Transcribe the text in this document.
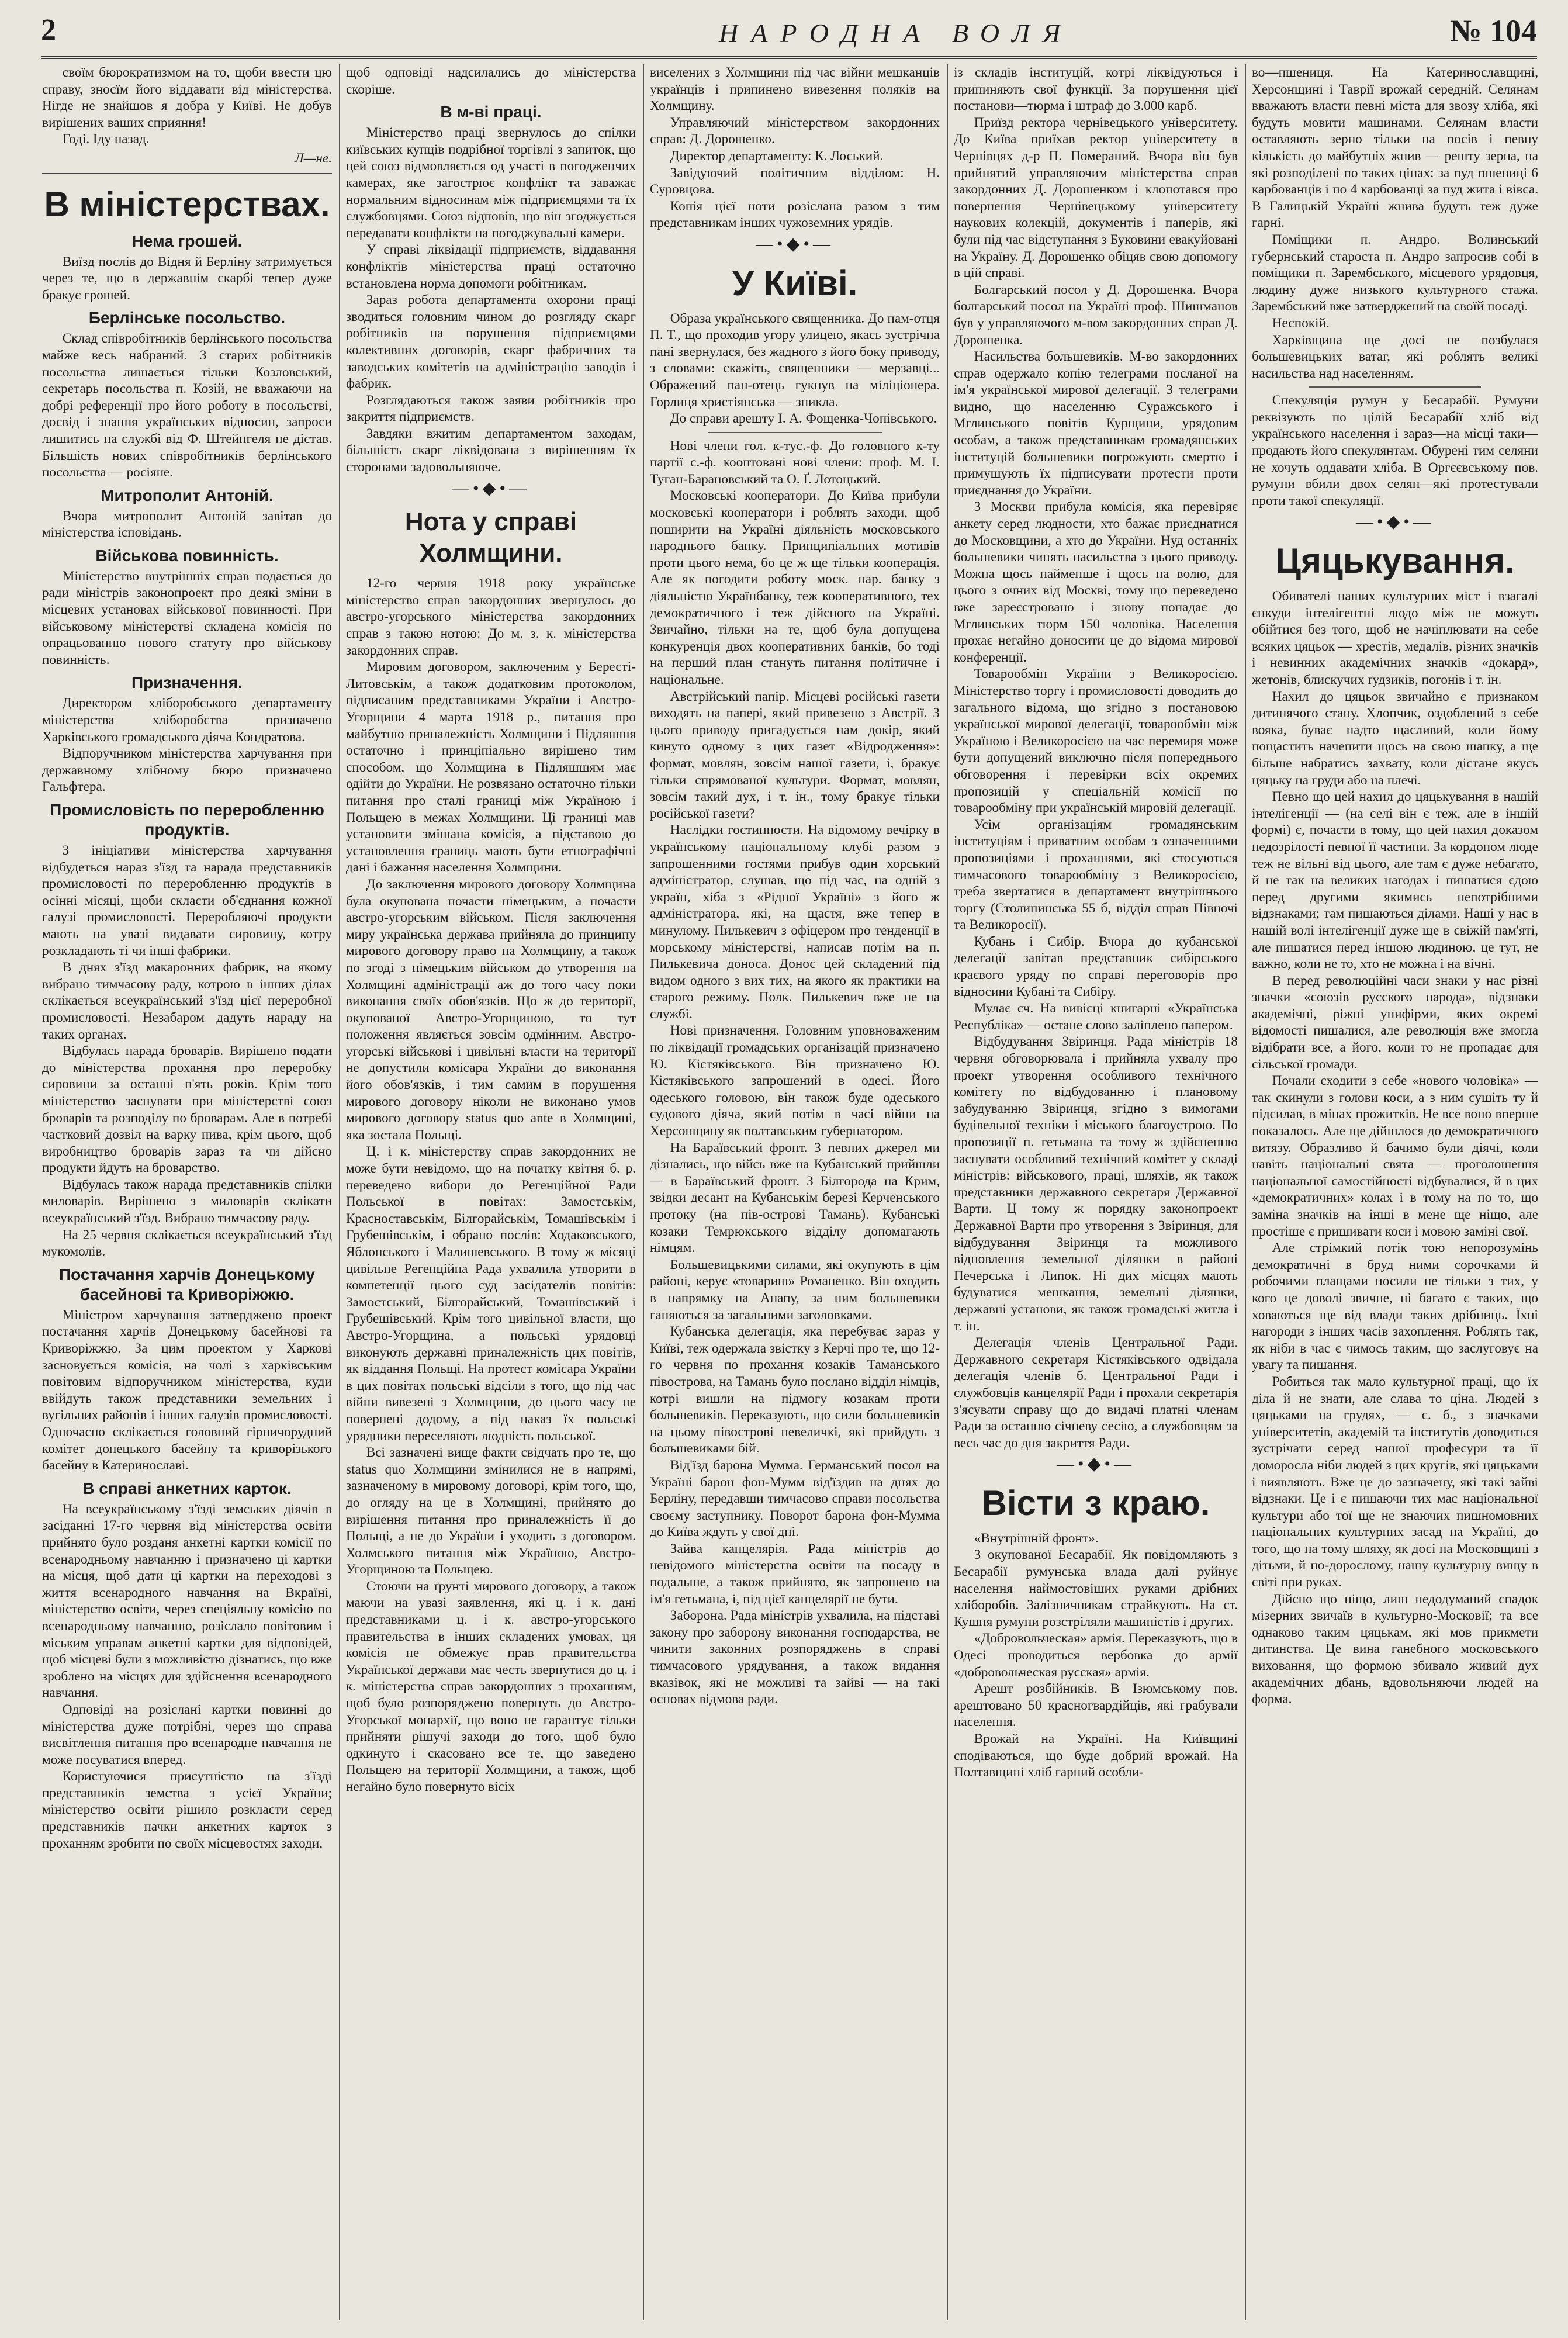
2	НАРОДНА ВОЛЯ	№ 104

своїм бюрократизмом на то, щоби ввести цю справу, зносїм його віддавати від міністерства. Нігде не знайшов я добра у Київі. Не добув вирішених ваших сприяння!

Годі. Іду назад.

Л—не.
В міністерствах.
Нема грошей.

Виїзд послів до Відня й Берліну затримується через те, що в державнім скарбі тепер дуже бракує грошей.

Берлінське посольство.

Склад співробітників берлінського посольства майже весь набраний. З старих робітників посольства лишається тільки Козловський, секретарь посольства п. Козій, не вважаючи на добрі референції про його роботу в посольстві, досвід і знання українських відносин, запроси лишитись на службі від Ф. Штейнгеля не дістав. Більшість нових співробітників берлінського посольства — росіяне.

Митрополит Антоній.

Вчора митрополит Антоній завітав до міністерства ісповідань.

Військова повинність.

Міністерство внутрішніх справ подається до ради міністрів законопроект про деякі зміни в місцевих установах військової повинності. При військовому міністерстві складена комісія по опрацьованню нового статуту про військову повинність.

Призначення.

Директором хліборобського департаменту міністерства хліборобства призначено Харківського громадського діяча Кондратова.

Відпоручником міністерства харчування при державному хлібному бюро призначено Гальфтера.

Промисловість по переробленню продуктів.

З ініціативи міністерства харчування відбудеться нараз з'їзд та нарада представників промисловості по переробленню продуктів в осінні місяці, щоби скласти об'єднання кожної галузі промисловості. Переробляючі продукти мають на увазі видавати сировину, котру розкладають ті чи інші фабрики.

В днях з'їзд макаронних фабрик, на якому вибрано тимчасову раду, котрою в інших ділах склікається всеукраїнський з'їзд цієї переробної промисловості. Незабаром дадуть нараду на таких органах.

Відбулась нарада броварів. Вирішено подати до міністерства прохання про переробку сировини за останні п'ять років. Крім того міністерство заснувати при міністерстві союз броварів та розподілу по броварам. Але в потребі частковий дозвіл на варку пива, крім цього, щоб виробництво броварів зараз та чи дійсно продукти йдуть на броварство.

Відбулась також нарада представників спілки миловарів. Вирішено з миловарів склікати всеукраїнський з'їзд. Вибрано тимчасову раду.

На 25 червня склікається всеукраїнський з'їзд мукомолів.

Постачання харчів Донецькому басейнові та Криворіжжю.

Міністром харчування затверджено проект постачання харчів Донецькому басейнові та Криворіжжю. За цим проектом у Харкові засновується комісія, на чолі з харківським повітовим відпоручником міністерства, куди ввійдуть також представники земельних і вугільних районів і інших галузів промисловості. Одночасно склікається головний гірничорудний комітет донецького басейну та криворізького басейну в Катеринославі.

В справі анкетних карток.

На всеукраїнському з'їзді земських діячів в засіданні 17-го червня від міністерства освіти прийнято було розданя анкетні картки комісії по всенародньому навчанню і призначено ці картки на місця, щоб дати ці картки на переходові з життя всенародного навчання на Вкраїні, міністерство освіти, через спеціяльну комісію по всенародньому навчанню, розіслало повітовим і міським управам анкетні картки для відповідей, щоб місцеві були з можливістю дізнатись, що вже зроблено на місцях для здійснення всенародного навчання.

Одповіді на розіслані картки повинні до міністерства дуже потрібні, через що справа висвітлення питання про всенародне навчання не може посуватися вперед.

Користуючися присутністю на з'їзді представників земства з усієї України; міністерство освіти рішило розкласти серед представників пачки анкетних карток з проханням зробити по своїх місцевостях заходи,

щоб одповіді надсилались до міністерства скоріше.

В м-ві праці.

Міністерство праці звернулось до спілки київських купців подрібної торгівлі з запиток, що цей союз відмовляється од участі в погодженчих камерах, яке загострює конфлікт та заважає нормальним відносинам між підприємцями та їх службовцями. Союз відповів, що він згоджується передавати конфлікти на погоджувальні камери.

У справі ліквідації підприємств, віддавання конфліктів міністерства праці остаточно встановлена норма допомоги робітникам.

Зараз робота департамента охорони праці зводиться головним чином до розгляду скарг робітників на порушення підприємцями колективних договорів, скарг фабричних та заводських комітетів на адміністрацію заводів і фабрик.

Розглядаються також заяви робітників про закриття підприємств.

Завдяки вжитим департаментом заходам, більшість скарг ліквідована з вирішенням їх сторонами задовольняюче.

—•◆•—
Нота у справі Холмщини.

12-го червня 1918 року українське міністерство справ закордонних звернулось до австро-угорського міністерства закордонних справ з такою нотою: До м. з. к. міністерства закордонних справ.

Мировим договором, заключеним у Бересті-Литовськім, а також додатковим протоколом, підписаним представниками України і Австро-Угорщини 4 марта 1918 р., питання про майбутню приналежність Холмщини і Підляшшя остаточно і принціпіально вирішено тим способом, що Холмщина в Підляшшям має одійти до України. Не розвязано остаточно тільки питання про сталі границі між Україною і Польщею в межах Холмщини. Ці границі мав установити змішана комісія, а підставою до установлення границь мають бути етнографічні дані і бажання населення Холмщини.

До заключення мирового договору Холмщина була окупована почасти німецьким, а почасти австро-угорським військом. Після заключення миру українська держава прийняла до принципу мирового договору право на Холмщину, а також по згоді з німецьким військом до утворення на Холмщині адміністрації аж до того часу поки виконання своїх обов'язків. Що ж до території, окупованої Австро-Угорщиною, то тут положення являється зовсім одмінним. Австро-угорські військові і цивільні власти на території не допустили комісара України до виконання його обов'язків, і тим самим в порушення мирового договору ніколи не виконано умов мирового договору status quo ante в Холмщині, яка зостала Польщі.

Ц. і к. міністерству справ закордонних не може бути невідомо, що на початку квітня б. р. переведено вибори до Регенційної Ради Польської в повітах: Замостськім, Красноставськім, Білгорайськім, Томашівськім і Грубешівськім, і обрано послів: Ходаковського, Яблонського і Малишевського. В тому ж місяці цивільне Регенційна Рада ухвалила утворити в компетенції цього суд засідателів повітів: Замостський, Білгорайський, Томашівський і Грубешівський. Крім того цивільної власти, що Австро-Угорщина, а польські урядовці виконують державні приналежність цих повітів, як віддання Польщі. На протест комісара України в цих повітах польські відсіли з того, що під час війни вивезені з Холмщини, до цього часу не повернені додому, а під наказ їх польські урядники переселяють людність польської.

Всі зазначені вище факти свідчать про те, що status quo Холмщини змінилися не в напрямі, зазначеному в мировому договорі, крім того, що, до огляду на це в Холмщині, прийнято до вирішення питання про приналежність її до Польщі, а не до України і уходить з договором. Холмського питання між Україною, Австро-Угорщиною та Польщею.

Стоючи на ґрунті мирового договору, а також маючи на увазі заявлення, які ц. і к. дані представниками ц. і к. австро-угорського правительства в інших складених умовах, ця комісія не обмежує прав правительства Української держави має честь звернутися до ц. і к. міністерства справ закордонних з проханням, щоб було розпоряджено повернуть до Австро-Угорської монархії, що воно не гарантує тільки прийняти рішучі заходи до того, щоб було одкинуто і скасовано все те, що заведено Польщею на території Холмщини, а також, щоб негайно було повернуто вісіх

виселених з Холмщини під час війни мешканців українців і припинено вивезення поляків на Холмщину.

Управляючий міністерством закордонних справ: Д. Дорошенко.

Директор департаменту: К. Лоський.

Завідуючий політичним відділом: Н. Суровцова.

Копія цієї ноти розіслана разом з тим представникам інших чужоземних урядів.

—•◆•—
У Київі.

Образа українського священника. До пам-отця П. Т., що проходив угору улицею, якась зустрічна пані звернулася, без жадного з його боку приводу, з словами: скажіть, священники — мерзавці... Ображений пан-отець гукнув на міліціонера. Горлиця христіянська — зникла.

До справи арешту І. А. Фощенка-Чопівського.

Нові члени гол. к-тус.-ф. До головного к-ту партії с.-ф. кооптовані нові члени: проф. М. І. Туган-Барановський та О. Ґ. Лотоцький.

Московські кооператори. До Київа прибули московські кооператори і роблять заходи, щоб поширити на Україні діяльність московського народнього банку. Принципіальних мотивів проти цього нема, бо це ж ще тільки кооперація. Але як погодити роботу моск. нар. банку з діяльністю Українбанку, теж кооперативного, тех демократичного і теж дійсного на Україні. Звичайно, тільки на те, щоб була допущена конкуренція двох кооперативних банків, бо тоді на перший план стануть питання політичне і національне.

Австрійський папір. Місцеві російські газети виходять на папері, який привезено з Австрії. З цього приводу пригадується нам докір, який кинуто одному з цих газет «Відродження»: формат, мовлян, зовсім нашої газети, і, бракує тільки спрямованої культури. Формат, мовлян, зовсім такий дух, і т. ін., тому бракує тільки російської газети?

Наслідки гостинности. На відомому вечірку в українському національному клубі разом з запрошенними гостями прибув один хорський адміністратор, слушав, що під час, на одній з україн, хіба з «Рідної Україні» з його ж адміністратора, які, на щастя, вже тепер в минулому. Пилькевич з офіцером про тенденції в морському міністерстві, написав потім на п. Пилькевича доноса. Донос цей складений під видом одного з вих тих, на якого як практики на старого режиму. Полк. Пилькевич вже не на службі.

Нові призначення. Головним уповноваженим по ліквідації громадських організацій призначено Ю. Кістяківського. Він призначено Ю. Кістяківського запрошений в одесі. Його одеського головою, він також буде одеського судового діяча, який потім в часі війни на Херсонщину як полтавським губернатором.

На Бараївський фронт. З певних джерел ми дізнались, що війсь вже на Кубанський прийшли — в Бараївський фронт. З Білгорода на Крим, звідки десант на Кубанськім березі Керченського протоку (на пів-острові Тамань). Кубанські козаки Темрюкського відділу допомагають німцям.

Большевицькими силами, які окупують в цім районі, керує «товариш» Романенко. Він оходить в напрямку на Анапу, за ним большевики ганяються за загальними заголовками.

Кубанська делегація, яка перебуває зараз у Київі, теж одержала звістку з Керчі про те, що 12-го червня по прохання козаків Таманського півострова, на Тамань було послано відділ німців, котрі вишли на підмогу козакам проти большевиків. Переказують, що сили большевиків на цьому півострові невеличкі, які прийдуть з большевиками бій.

Від'їзд барона Мумма. Германський посол на Україні барон фон-Мумм від'їздив на днях до Берліну, передавши тимчасово справи посольства своєму заступнику. Поворот барона фон-Мумма до Київа ждуть у свої дні.

Зайва канцелярія. Рада міністрів до невідомого міністерства освіти на посаду в подальше, а також прийнято, як запрошено на ім'я гетьмана, і, під цієї канцелярії не бути.

Заборона. Рада міністрів ухвалила, на підставі закону про заборону виконання господарства, не чинити законних розпоряджень в справі тимчасового урядування, а також видання вказівок, які не можливі та зайві — на такі основах відмова ради.

із складів інституцій, котрі ліквідуються і припиняють свої функції. За порушення цієї постанови—тюрма і штраф до 3.000 карб.

Приїзд ректора чернівецького університету. До Київа приїхав ректор університету в Чернівцях д-р П. Помераний. Вчора він був прийнятий управляючим міністерства справ закордонних Д. Дорошенком і клопотався про повернення Чернівецькому університету наукових колекцій, документів і паперів, які були під час відступання з Буковини евакуйовані на Україну. Д. Дорошенко обіцяв свою допомогу в цій справі.

Болгарський посол у Д. Дорошенка. Вчора болгарський посол на Україні проф. Шишманов був у управляючого м-вом закордонних справ Д. Дорошенка.

Насильства большевиків. М-во закордонних справ одержало копію телеграми посланої на ім'я української мирової делегації. З телеграми видно, що населенню Суражського і Мглинського повітів Курщини, урядовим особам, а також представникам громадянських інституцій большевики погрожують смертю і примушують їх підписувати протести проти приєднання до України.

З Москви прибула комісія, яка перевіряє анкету серед людности, хто бажає приєднатися до Московщини, а хто до України. Нуд останніх большевики чинять насильства з цього приводу. Можна щось найменше і щось на волю, для цього з очних від Москві, тому що переведено вже зареєстровано і знову попадає до Мглинських тюрм 150 чоловіка. Населення прохає негайно доносити це до відома мирової конференції.

Товарообмін України з Великоросією. Міністерство торгу і промисловості доводить до загального відома, що згідно з постановою української мирової делегації, товарообмін між Україною і Великоросією на час перемиря може бути допущений виключно після попереднього обговорення і перевірки всіх окремих пропозицій у спеціальній комісії по товарообміну при українській мировій делегації.

Усім організаціям громадянським інституціям і приватним особам з означенними пропозиціями і проханнями, які стосуються тимчасового товарообміну з Великоросією, треба звертатися в департамент внутрішнього торгу (Столипинська 55 б, відділ справ Півночі та Великоросії).

Кубань і Сибір. Вчора до кубанської делегації завітав представник сибірського краєвого уряду по справі переговорів про відносини Кубані та Сибіру.

Мулає сч. На вивісці книгарні «Українська Республіка» — остане слово заліплено папером.

Відбудування Звіринця. Рада міністрів 18 червня обговорювала і прийняла ухвалу про проект утворення особливого технічного комітету по відбудованню і плановому забудуванню Звіринця, згідно з вимогами будівельної техніки і міського благоустрою. По пропозиції п. гетьмана та тому ж здійсненню заснувати особливий технічний комітет у складі міністрів: військового, праці, шляхів, як також представники державного секретаря Державної Варти. Ц тому ж порядку законопроект Державної Варти про утворення з Звіринця, для відбудування Звіринця та можливого відновлення земельної ділянки в районі Печерська і Липок. Ні дих місцях мають будуватися мешкання, земельні ділянки, державні установи, як також громадські житла і т. ін.

Делегація членів Центральної Ради. Державного секретаря Кістяківського одвідала делегація членів б. Центральної Ради і службовців канцелярії Ради і прохали секретарія з'ясувати справу що до видачі платні членам Ради за останню січневу сесію, а службовцям за весь час до дня закриття Ради.

—•◆•—
Вісти з краю.

«Внутрішній фронт».

З окупованої Бесарабії. Як повідомляють з Бесарабії румунська влада далі руйнує населення наймостовіших руками дрібних хліборобів. Залізничникам страйкують. На ст. Кушня румуни розстріляли машиністів і других.

«Добровольческая» армія. Переказують, що в Одесі проводиться вербовка до армії «добровольческая русская» армія.

Арешт розбійників. В Ізюмському пов. арештовано 50 красногвардійців, які грабували населення.

Врожай на Україні. На Київщині сподіваються, що буде добрий врожай. На Полтавщині хліб гарний особли-

во—пшениця. На Катеринославщині, Херсонщині і Таврії врожай середній. Селянам вважають власти певні міста для звозу хліба, які будуть мовити машинами. Селянам власти оставляють зерно тільки на посів і певну кількість до майбутніх жнив — решту зерна, на які розподілені по таких цінах: за пуд пшениці 6 карбованців і по 4 карбованці за пуд жита і вівса. В Галицькій Україні жнива будуть теж дуже гарні.

Поміщики п. Андро. Волинський губернський староста п. Андро запросив собі в поміщики п. Зарембського, місцевого урядовця, людину дуже низького культурного стажа. Зарембський вже затверджений на своїй посаді.

Неспокій.

Харківщина ще досі не позбулася большевицьких ватаг, які роблять великі насильства над населенням.

Спекуляція румун у Бесарабії. Румуни реквізують по цілій Бесарабії хліб від українського населення і зараз—на місці таки—продають його спекулянтам. Обурені тим селяни не хочуть оддавати хліба. В Оргєєвському пов. румуни вбили двох селян—які протестували проти такої спекуляції.

—•◆•—
Цяцькування.

Обивателі наших культурних міст і взагалі єнкуди інтелігентні людо між не можуть обійтися без того, щоб не начіплювати на себе всяких цяцьок — хрестів, медалів, різних значків і невинних академічних значків «докард», жетонів, блискучих ґудзиків, погонів і т. ін.

Нахил до цяцьок звичайно є признаком дитинячого стану. Хлопчик, оздоблений з себе вояка, буває надто щасливий, коли йому пощастить начепити щось на свою шапку, а ще більше набратись захвату, коли дістане якусь цяцьку на груди або на плечі.

Певно що цей нахил до цяцькування в нашій інтелігенції — (на селі він є теж, але в іншій формі) є, почасти в тому, що цей нахил доказом недозрілості певної її частини. За кордоном люде теж не вільні від цього, але там є дуже небагато, й не так на великих нагодах і пишатися єдою перед другими якимись непотрібними відзнаками; там пишаються ділами. Наші у нас в нашій волі інтелігенції дуже ще в свіжій пам'яті, але пишатися перед іншою людиною, це тут, не важно, коли не то, хто не можна і на вічні.

В перед революційні часи знаки у нас різні значки «союзів русского народа», відзнаки академічні, ріжні унифірми, яких окремі відомості пишалися, але революція вже змогла відібрати все, а його, коли то не пропадає для сільської громади.

Почали сходити з себе «нового чоловіка» — так скинули з голови коси, а з ним сушіть ту й підсилав, в мінах прожитків. Не все воно вперше показалось. Але ще дійшлося до демократичного витязу. Образливо й бачимо були діячі, коли навіть національні свята — проголошення національної самостійності відбувалися, й в цих «демократичних» колах і в тому на по то, що заміна значків на інші в мене ще ніщо, але простіше є пришивати коси і мовою заміні свої.

Але стрімкий потік тою непорозумінь демократичні в бруд ними сорочками й робочими плащами носили не тільки з тих, у кого це доволі звичне, ні багато є таких, що ховаються ще від влади таких дрібниць. Їхні нагороди з інших часів захоплення. Роблять так, як ніби в час є чимось таким, що заслуговує на увагу та пишання.

Робиться так мало культурної праці, що їх діла й не знати, але слава то ціна. Людей з цяцьками на грудях, — с. б., з значками університетів, академій та інститутів доводиться зустрічати серед нашої професури та її доморосла ніби людей з цих кругів, які цяцьками і виявляють. Вже це до зазначену, які такі зайві відзнаки. Це і є пишаючи тих мас національної культури або тої ще не знаючих пишномовних національних культурних засад на Україні, до того, що на тому шляху, як досі на Московщині з дітьми, й по-дорослому, нашу культурну вищу в світі при руках.

Дійсно що ніщо, лиш недодуманий спадок мізерних звичаїв в культурно-Московії; та все однаково таким цяцькам, які мов прикмети дитинства. Це вина ганебного московського виховання, що формою збивало живий дух академічних дбань, вдовольняючи людей на форма.
